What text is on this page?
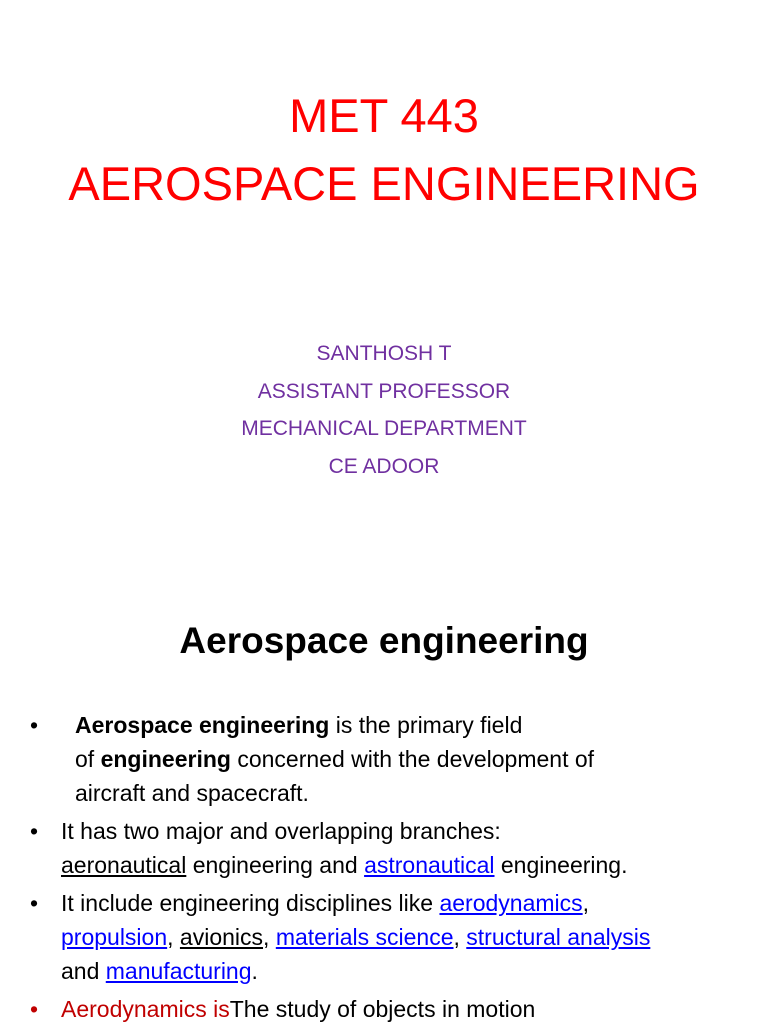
MET 443
AEROSPACE ENGINEERING
SANTHOSH T
ASSISTANT PROFESSOR
MECHANICAL DEPARTMENT
CE ADOOR
Aerospace engineering
• Aerospace engineering is the primary field
of engineering concerned with the development of
aircraft and spacecraft.
• It has two major and overlapping branches:
aeronautical engineering and astronautical engineering.
• It include engineering disciplines like aerodynamics,
propulsion, avionics, materials science, structural analysis
and manufacturing.
• Aerodynamics isThe study of objects in motion
